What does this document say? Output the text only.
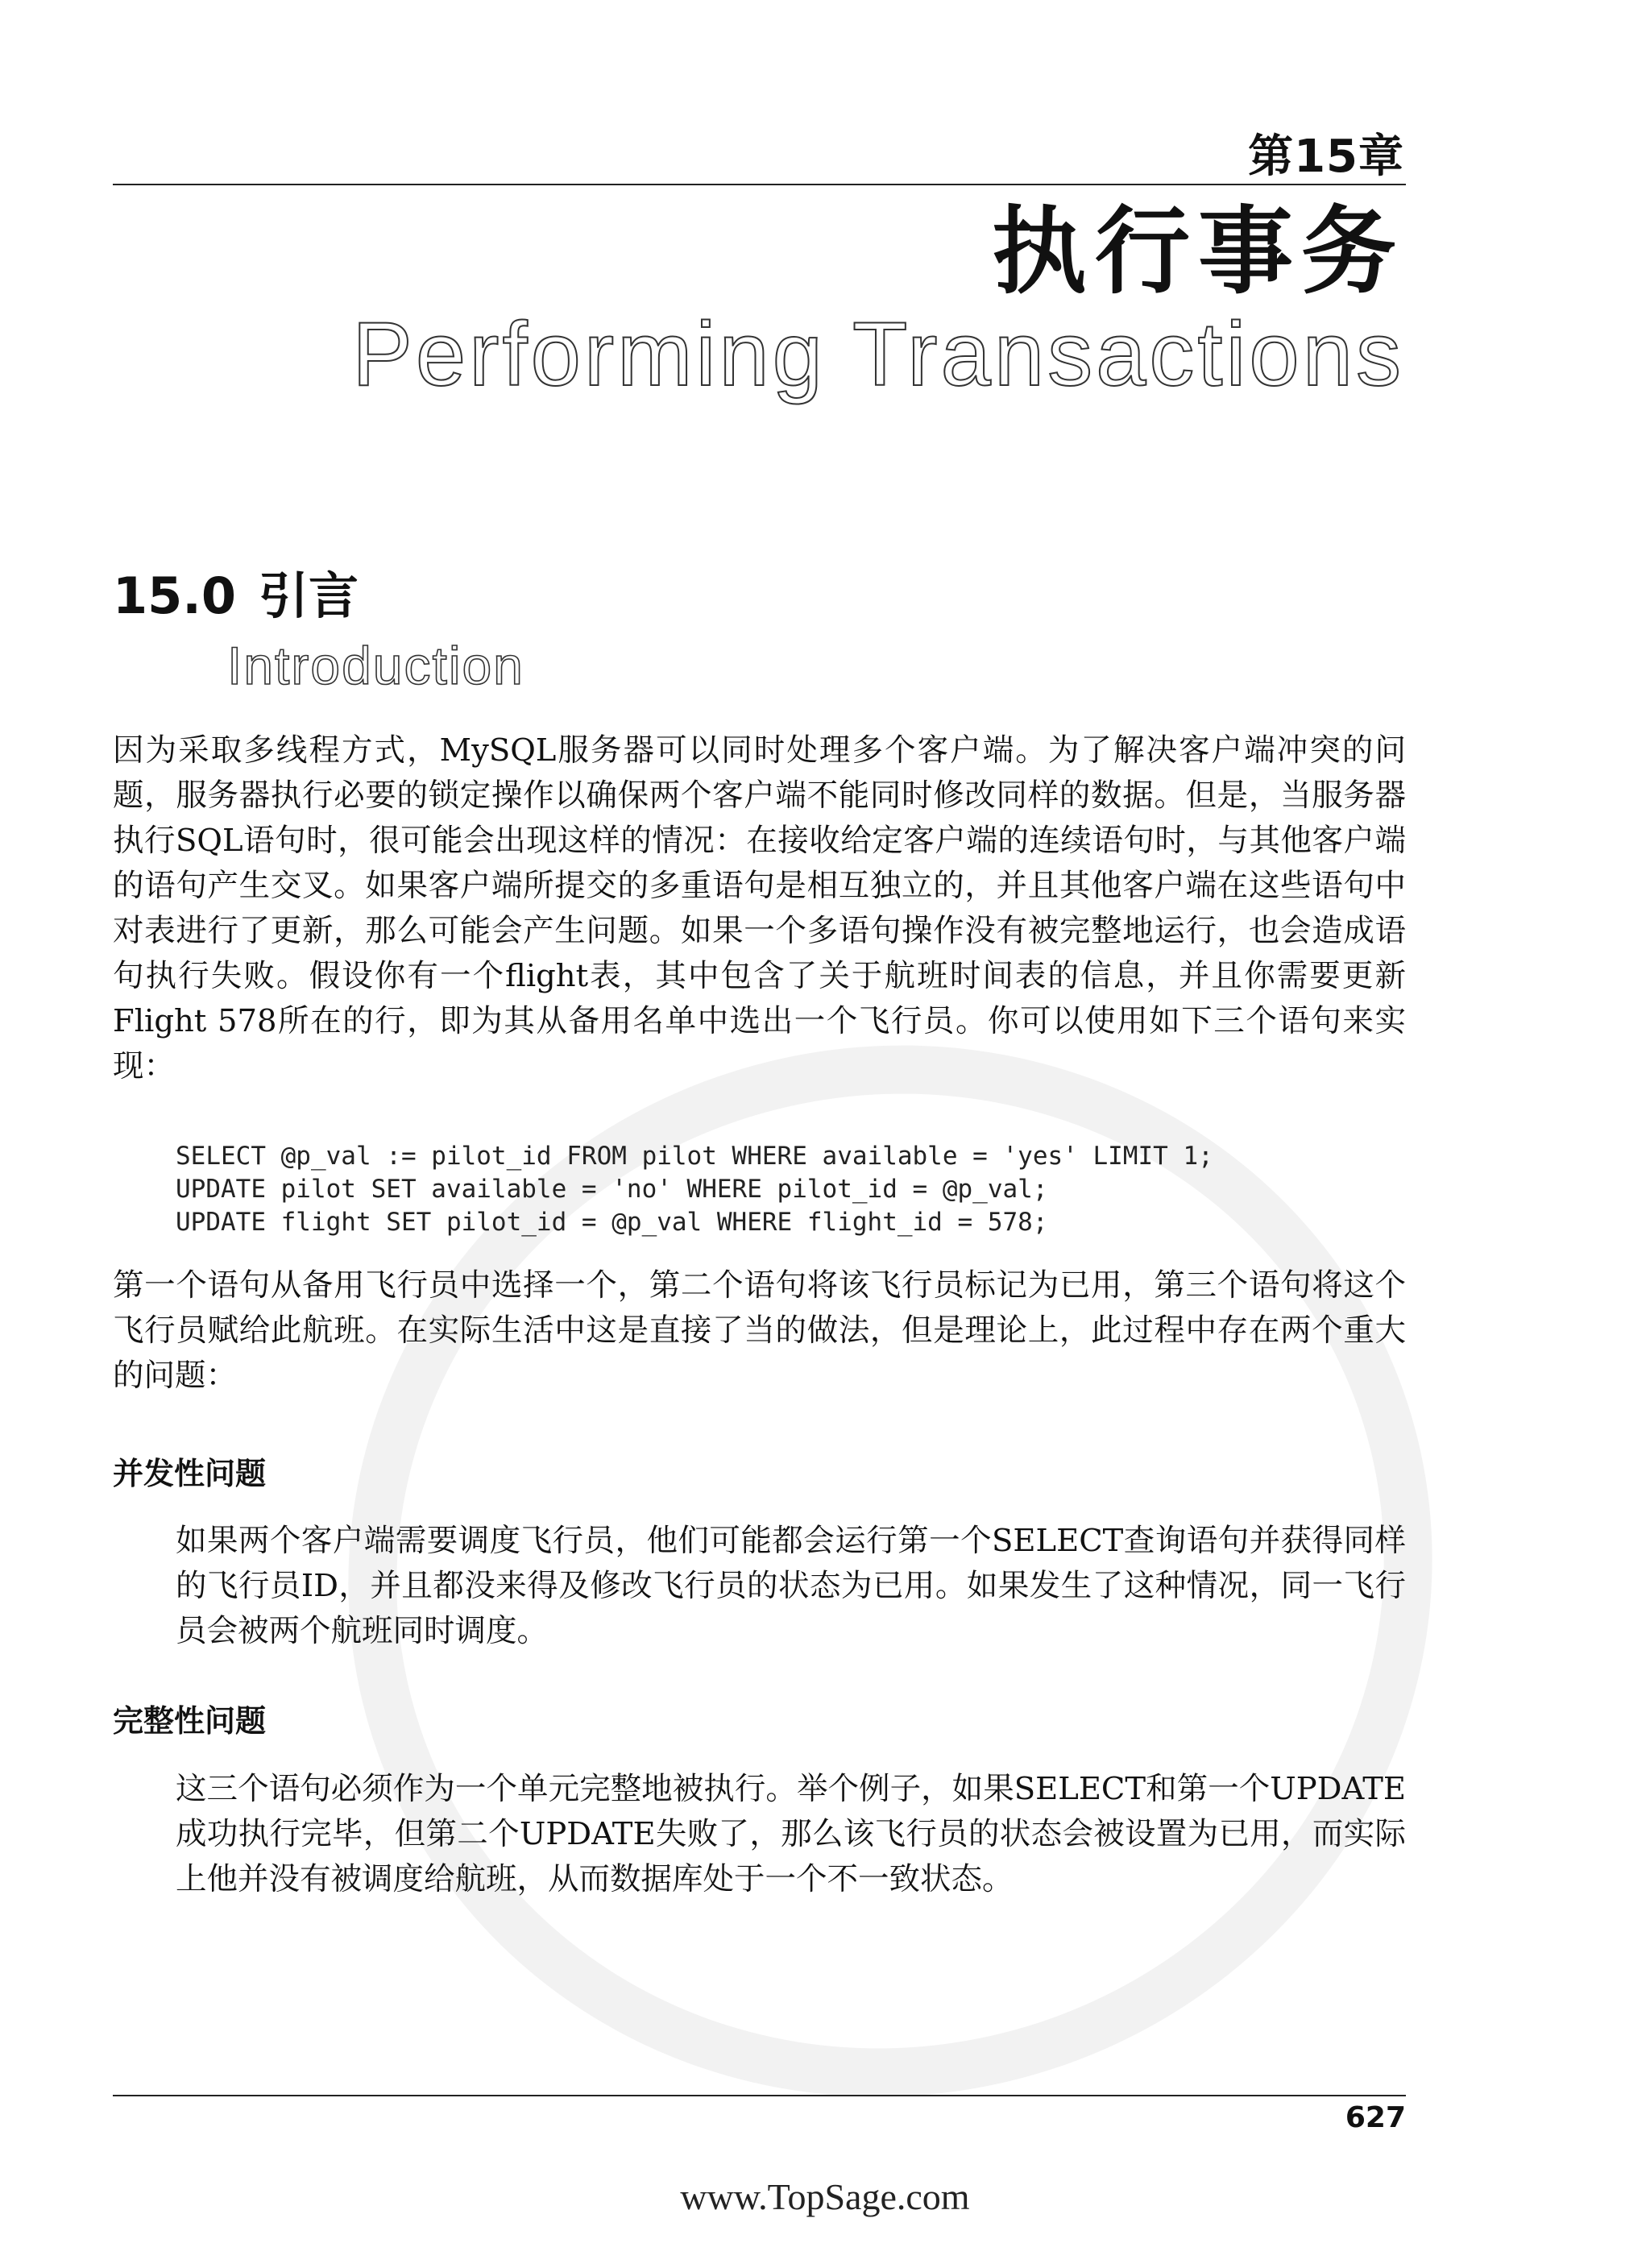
第15章
执行事务
Performing Transactions
15.0 引言
Introduction
因为采取多线程方式，MySQL服务器可以同时处理多个客户端。为了解决客户端冲突的问题，服务器执行必要的锁定操作以确保两个客户端不能同时修改同样的数据。但是，当服务器执行SQL语句时，很可能会出现这样的情况：在接收给定客户端的连续语句时，与其他客户端的语句产生交叉。如果客户端所提交的多重语句是相互独立的，并且其他客户端在这些语句中对表进行了更新，那么可能会产生问题。如果一个多语句操作没有被完整地运行，也会造成语句执行失败。假设你有一个flight表，其中包含了关于航班时间表的信息，并且你需要更新Flight 578所在的行，即为其从备用名单中选出一个飞行员。你可以使用如下三个语句来实现：
SELECT @p_val := pilot_id FROM pilot WHERE available = 'yes' LIMIT 1;
UPDATE pilot SET available = 'no' WHERE pilot_id = @p_val;
UPDATE flight SET pilot_id = @p_val WHERE flight_id = 578;
第一个语句从备用飞行员中选择一个，第二个语句将该飞行员标记为已用，第三个语句将这个飞行员赋给此航班。在实际生活中这是直接了当的做法，但是理论上，此过程中存在两个重大的问题：
并发性问题
如果两个客户端需要调度飞行员，他们可能都会运行第一个SELECT查询语句并获得同样的飞行员ID，并且都没来得及修改飞行员的状态为已用。如果发生了这种情况，同一飞行员会被两个航班同时调度。
完整性问题
这三个语句必须作为一个单元完整地被执行。举个例子，如果SELECT和第一个UPDATE成功执行完毕，但第二个UPDATE失败了，那么该飞行员的状态会被设置为已用，而实际上他并没有被调度给航班，从而数据库处于一个不一致状态。
627
www.TopSage.com
